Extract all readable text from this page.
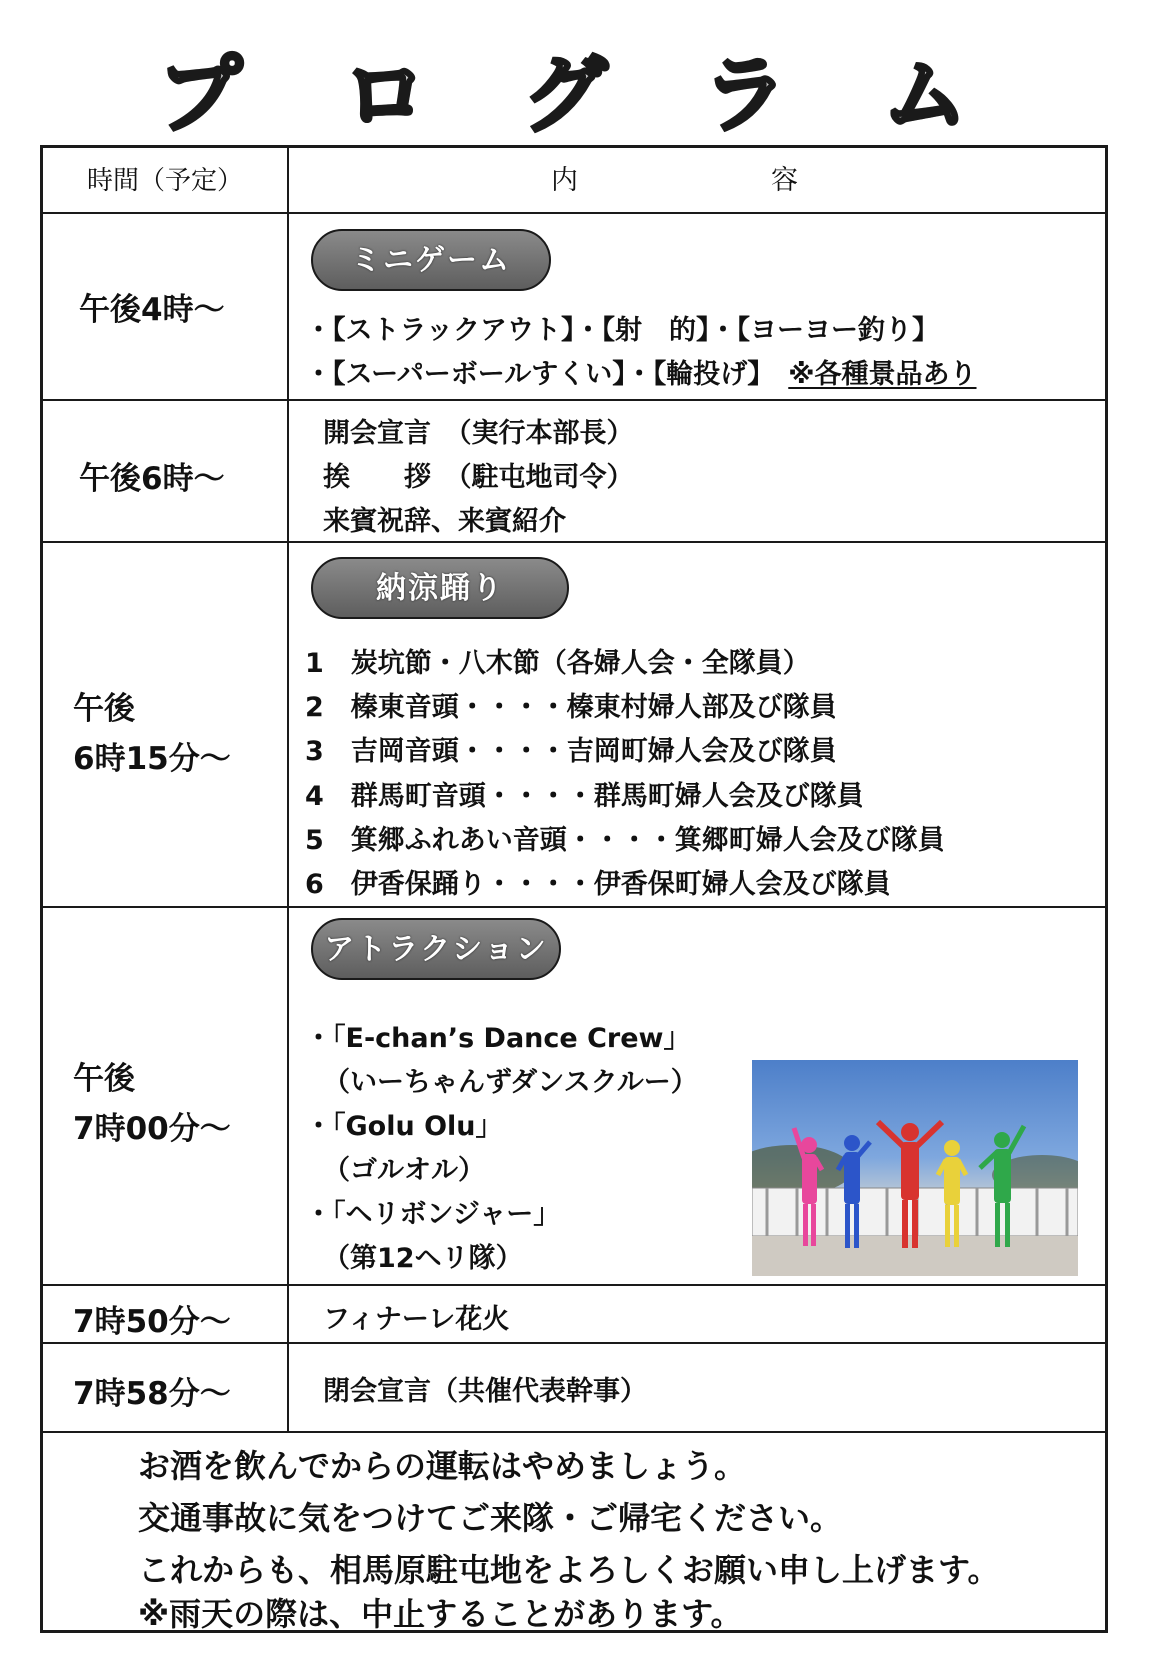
プ ロ グ ラ ム
時間（予定）	内	容
午後4時～
ミニゲーム
・【ストラックアウト】・【射　的】・【ヨーヨー釣り】
・【スーパーボールすくい】・【輪投げ】 ※各種景品あり
午後6時～
開会宣言　（実行本部長）
挨　　拶　（駐屯地司令）
来賓祝辞、来賓紹介
午後
6時15分～
納涼踊り
1　炭坑節・八木節（各婦人会・全隊員）
2　榛東音頭・・・・榛東村婦人部及び隊員
3　吉岡音頭・・・・吉岡町婦人会及び隊員
4　群馬町音頭・・・・群馬町婦人会及び隊員
5　箕郷ふれあい音頭・・・・箕郷町婦人会及び隊員
6　伊香保踊り・・・・伊香保町婦人会及び隊員
午後
7時00分～
アトラクション
・「E-chan’s Dance Crew」
（いーちゃんずダンスクルー）
・「Golu Olu」
（ゴルオル）
・「ヘリボンジャー」
（第12ヘリ隊）
7時50分～	フィナーレ花火
7時58分～	閉会宣言（共催代表幹事）
お酒を飲んでからの運転はやめましょう。
交通事故に気をつけてご来隊・ご帰宅ください。
これからも、相馬原駐屯地をよろしくお願い申し上げます。
※雨天の際は、中止することがあります。
